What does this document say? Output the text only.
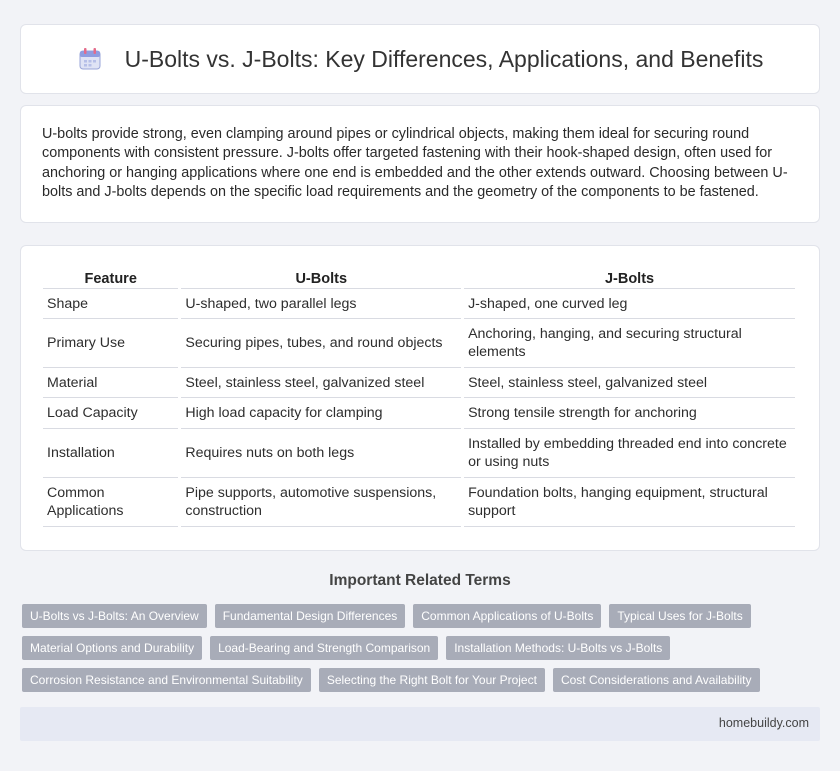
U-Bolts vs. J-Bolts: Key Differences, Applications, and Benefits

U-bolts provide strong, even clamping around pipes or cylindrical objects, making them ideal for securing round components with consistent pressure. J-bolts offer targeted fastening with their hook-shaped design, often used for anchoring or hanging applications where one end is embedded and the other extends outward. Choosing between U-bolts and J-bolts depends on the specific load requirements and the geometry of the components to be fastened.

Feature	U-Bolts	J-Bolts
Shape	U-shaped, two parallel legs	J-shaped, one curved leg
Primary Use	Securing pipes, tubes, and round objects	Anchoring, hanging, and securing structural elements
Material	Steel, stainless steel, galvanized steel	Steel, stainless steel, galvanized steel
Load Capacity	High load capacity for clamping	Strong tensile strength for anchoring
Installation	Requires nuts on both legs	Installed by embedding threaded end into concrete or using nuts
Common Applications	Pipe supports, automotive suspensions, construction	Foundation bolts, hanging equipment, structural support
Important Related Terms
U-Bolts vs J-Bolts: An Overview	Fundamental Design Differences	Common Applications of U-Bolts	Typical Uses for J-Bolts
Material Options and Durability	Load-Bearing and Strength Comparison	Installation Methods: U-Bolts vs J-Bolts
Corrosion Resistance and Environmental Suitability	Selecting the Right Bolt for Your Project	Cost Considerations and Availability
homebuildy.com
